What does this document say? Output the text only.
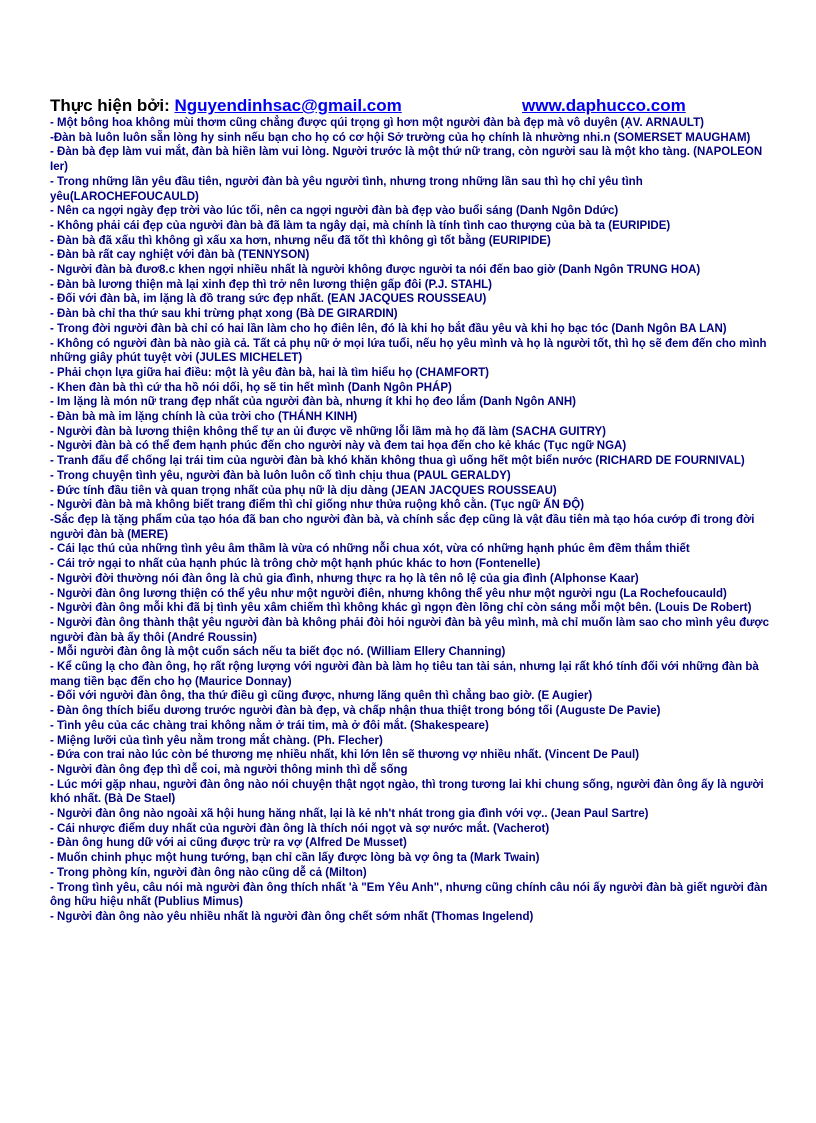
Thực hiện bởi: Nguyendinhsac@gmail.com	www.daphucco.com
- Một bông hoa không mùi thơm cũng chẳng được qúi trọng gì hơn một người đàn bà đẹp mà vô duyên (ẠV. ARNAULT)
-Đàn bà luôn luôn sẵn lòng hy sinh nếu bạn cho họ có cơ hội Sở trường của họ chính là nhường nhi.n (SOMERSET MAUGHAM)
- Đàn bà đẹp làm vui mắt, đàn bà hiền làm vui lòng. Người trước là một thứ nữ trang, còn người sau là một kho tàng. (NAPOLEON Ier)
- Trong những lần yêu đầu tiên, người đàn bà yêu người tình, nhưng trong những lần sau thì họ chỉ yêu tình yêu(LAROCHEFOUCAULD)
- Nên ca ngợi ngày đẹp trời vào lúc tối, nên ca ngợi người đàn bà đẹp vào buổi sáng (Danh Ngôn Ddức)
- Không phải cái đẹp của người đàn bà đã làm ta ngây dại, mà chính là tính tình cao thượng của bà ta (EURIPIDE)
- Đàn bà đã xấu thì không gì xấu xa hơn, nhưng nếu đã tốt thì không gì tốt bằng (EURIPIDE)
- Đàn bà rất cay nghiệt với đàn bà (TENNYSON)
- Người đàn bà đươ8.c khen ngợi nhiều nhất là người không được người ta nói đến bao giờ (Danh Ngôn TRUNG HOA)
- Đàn bà lương thiện mà lại xinh đẹp thì trở nên lương thiện gấp đôi (P.J. STAHL)
- Đối với đàn bà, im lặng là đồ trang sức đẹp nhất. (EAN JACQUES ROUSSEAU)
- Đàn bà chỉ tha thứ sau khi trừng phạt xong (Bà DE GIRARDIN)
- Trong đời người đàn bà chỉ có hai lần làm cho họ điên lên, đó là khi họ bắt đầu yêu và khi họ bạc tóc (Danh Ngôn BA LAN)
- Không có người đàn bà nào già cả. Tất cả phụ nữ ở mọi lứa tuổi, nếu họ yêu mình và họ là người tốt, thì họ sẽ đem đến cho mình những giây phút tuyệt vời (JULES MICHELET)
- Phải chọn lựa giữa hai điều: một là yêu đàn bà, hai là tìm hiểu họ (CHAMFORT)
- Khen đàn bà thì cứ tha hồ nói dối, họ sẽ tin hết mình (Danh Ngôn PHÁP)
- Im lặng là món nữ trang đẹp nhất của người đàn bà, nhưng ít khi họ đeo lắm (Danh Ngôn ANH)
- Đàn bà mà im lặng chính là của trời cho (THÁNH KINH)
- Người đàn bà lương thiện không thể tự an ủi được về những lỗi lầm mà họ đã làm (SACHA GUITRY)
- Người đàn bà có thể đem hạnh phúc đến cho người này và đem tai họa đến cho kẻ khác (Tục ngữ NGA)
- Tranh đấu để chống lại trái tim của người đàn bà khó khăn không thua gì uống hết một biển nước (RICHARD DE FOURNIVAL)
- Trong chuyện tình yêu, người đàn bà luôn luôn cố tình chịu thua (PAUL GERALDY)
- Đức tính đầu tiên và quan trọng nhất của phụ nữ là dịu dàng (JEAN JACQUES ROUSSEAU)
- Người đàn bà mà không biết trang điểm thì chỉ giống như thửa ruộng khô cằn. (Tục ngữ ẤN ĐỘ)
-Sắc đẹp là tặng phẩm của tạo hóa đã ban cho người đàn bà, và chính sắc đẹp cũng là vật đầu tiên mà tạo hóa cướp đi trong đời người đàn bà (MERE)
- Cái lạc thú của những tình yêu âm thầm là vừa có những nỗi chua xót, vừa có những hạnh phúc êm đềm thắm thiết
- Cái trở ngại to nhất của hạnh phúc là trông chờ một hạnh phúc khác to hơn (Fontenelle)
- Người đời thường nói đàn ông là chủ gia đình, nhưng thực ra họ là tên nô lệ của gia đình (Alphonse Kaar)
- Người đàn ông lương thiện có thể yêu như một người điên, nhưng không thể yêu như một người ngu (La Rochefoucauld)
- Người đàn ông mỗi khi đã bị tình yêu xâm chiếm thì không khác gì ngọn đèn lồng chỉ còn sáng mỗi một bên. (Louis De Robert)
- Người đàn ông thành thật yêu người đàn bà không phải đòi hỏi người đàn bà yêu mình, mà chỉ muốn làm sao cho mình yêu được người đàn bà ấy thôi (André Roussin)
- Mỗi người đàn ông là một cuốn sách nếu ta biết đọc nó. (William Ellery Channing)
- Kể cũng lạ cho đàn ông, họ rất rộng lượng với người đàn bà làm họ tiêu tan tài sản, nhưng lại rất khó tính đối với những đàn bà mang tiền bạc đến cho họ (Maurice Donnay)
- Đối với người đàn ông, tha thứ điều gì cũng được, nhưng lãng quên thì chẳng bao giờ. (E Augier)
- Đàn ông thích biểu dương trước người đàn bà đẹp, và chấp nhận thua thiệt trong bóng tối (Auguste De Pavie)
- Tình yêu của các chàng trai không nằm ở trái tim, mà ở đôi mắt. (Shakespeare)
- Miệng lưỡi của tình yêu nằm trong mắt chàng. (Ph. Flecher)
- Đứa con trai nào lúc còn bé thương mẹ nhiều nhất, khi lớn lên sẽ thương vợ nhiều nhất. (Vincent De Paul)
- Người đàn ông đẹp thì dễ coi, mà người thông minh thì dễ sống
- Lúc mới gặp nhau, người đàn ông nào nói chuyện thật ngọt ngào, thì trong tương lai khi chung sống, người đàn ông ấy là người khó nhất. (Bà De Stael)
- Người đàn ông nào ngoài xã hội hung hăng nhất, lại là kẻ nh't nhát trong gia đình với vợ.. (Jean Paul Sartre)
- Cái nhược điểm duy nhất của người đàn ông là thích nói ngọt và sợ nước mắt. (Vacherot)
- Đàn ông hung dữ với ai cũng được trừ ra vợ (Alfred De Musset)
- Muốn chinh phục một hung tướng, bạn chỉ cần lấy được lòng bà vợ ông ta (Mark Twain)
- Trong phòng kín, người đàn ông nào cũng dễ cả (Milton)
- Trong tình yêu, câu nói mà người đàn ông thích nhất 'à "Em Yêu Anh", nhưng cũng chính câu nói ấy người đàn bà giết người đàn ông hữu hiệu nhất (Publius Mimus)
- Người đàn ông nào yêu nhiều nhất là người đàn ông chết sớm nhất (Thomas Ingelend)
